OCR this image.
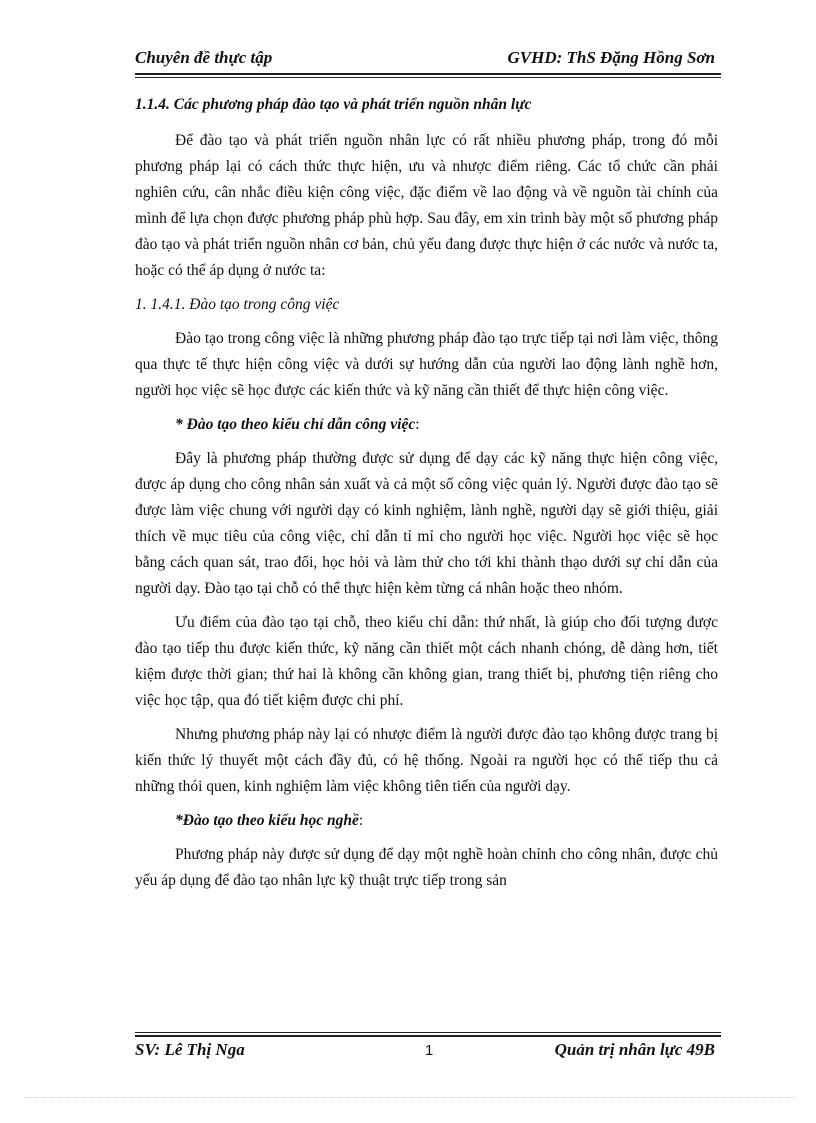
Chuyên đề thực tập	GVHD: ThS Đặng Hồng Sơn
1.1.4. Các phương pháp đào tạo và phát triển nguồn nhân lực

Để đào tạo và phát triển nguồn nhân lực có rất nhiều phương pháp, trong đó mỗi phương pháp lại có cách thức thực hiện, ưu và nhược điểm riêng. Các tổ chức cần phải nghiên cứu, cân nhắc điều kiện công việc, đặc điểm về lao động và về nguồn tài chính của mình để lựa chọn được phương pháp phù hợp. Sau đây, em xin trình bày một số phương pháp đào tạo và phát triển nguồn nhân cơ bản, chủ yếu đang được thực hiện ở các nước và nước ta, hoặc có thể áp dụng ở nước ta:

1. 1.4.1. Đào tạo trong công việc

Đào tạo trong công việc là những phương pháp đào tạo trực tiếp tại nơi làm việc, thông qua thực tế thực hiện công việc và dưới sự hướng dẫn của người lao động lành nghề hơn, người học việc sẽ học được các kiến thức và kỹ năng cần thiết để thực hiện công việc.

* Đào tạo theo kiểu chỉ dẫn công việc:

Đây là phương pháp thường được sử dụng để dạy các kỹ năng thực hiện công việc, được áp dụng cho công nhân sản xuất và cả một số công việc quản lý. Người được đào tạo sẽ được làm việc chung với người dạy có kinh nghiệm, lành nghề, người dạy sẽ giới thiệu, giải thích về mục tiêu của công việc, chỉ dẫn tỉ mỉ cho người học việc. Người học việc sẽ học bằng cách quan sát, trao đổi, học hỏi và làm thử cho tới khi thành thạo dưới sự chỉ dẫn của người dạy. Đào tạo tại chỗ có thể thực hiện kèm từng cá nhân hoặc theo nhóm.

Ưu điểm của đào tạo tại chỗ, theo kiểu chỉ dẫn: thứ nhất, là giúp cho đối tượng được đào tạo tiếp thu được kiến thức, kỹ năng cần thiết một cách nhanh chóng, dễ dàng hơn, tiết kiệm được thời gian; thứ hai là không cần không gian, trang thiết bị, phương tiện riêng cho việc học tập, qua đó tiết kiệm được chi phí.

Nhưng phương pháp này lại có nhược điểm là người được đào tạo không được trang bị kiến thức lý thuyết một cách đầy đủ, có hệ thống. Ngoài ra người học có thể tiếp thu cả những thói quen, kinh nghiệm làm việc không tiên tiến của người dạy.

*Đào tạo theo kiểu học nghề:

Phương pháp này được sử dụng để dạy một nghề hoàn chỉnh cho công nhân, được chủ yếu áp dụng để đào tạo nhân lực kỹ thuật trực tiếp trong sản

SV: Lê Thị Nga	1	Quản trị nhân lực 49B
